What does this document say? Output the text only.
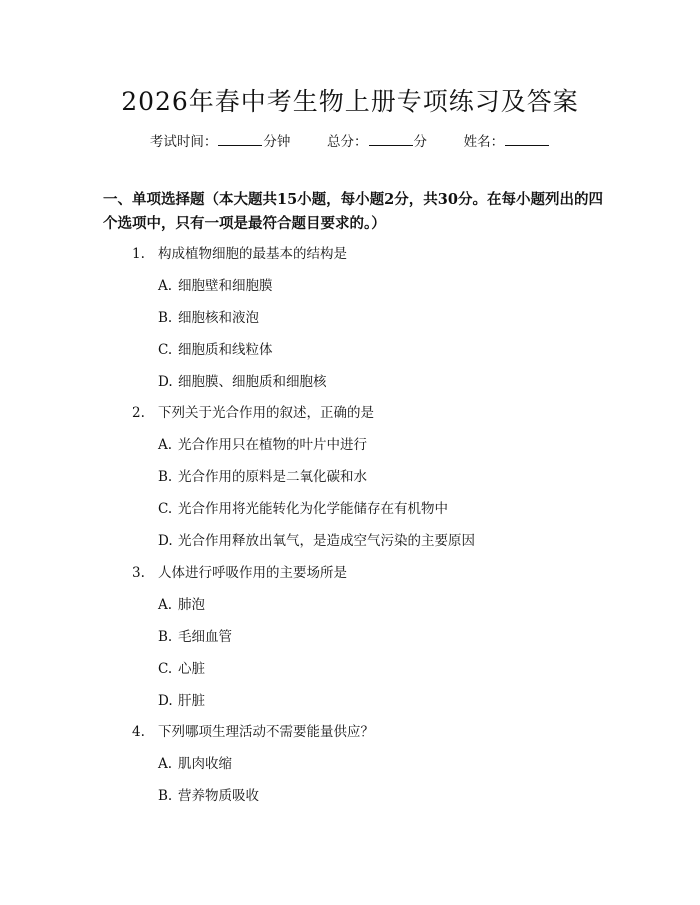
2026年春中考生物上册专项练习及答案
考试时间：	分钟	总分：	分	姓名：
一、单项选择题（本大题共15小题，每小题2分，共30分。在每小题列出的四个选项中，只有一项是最符合题目要求的。）
1. 构成植物细胞的最基本的结构是
A. 细胞壁和细胞膜
B. 细胞核和液泡
C. 细胞质和线粒体
D. 细胞膜、细胞质和细胞核
2. 下列关于光合作用的叙述，正确的是
A. 光合作用只在植物的叶片中进行
B. 光合作用的原料是二氧化碳和水
C. 光合作用将光能转化为化学能储存在有机物中
D. 光合作用释放出氧气，是造成空气污染的主要原因
3. 人体进行呼吸作用的主要场所是
A. 肺泡
B. 毛细血管
C. 心脏
D. 肝脏
4. 下列哪项生理活动不需要能量供应？
A. 肌肉收缩
B. 营养物质吸收
